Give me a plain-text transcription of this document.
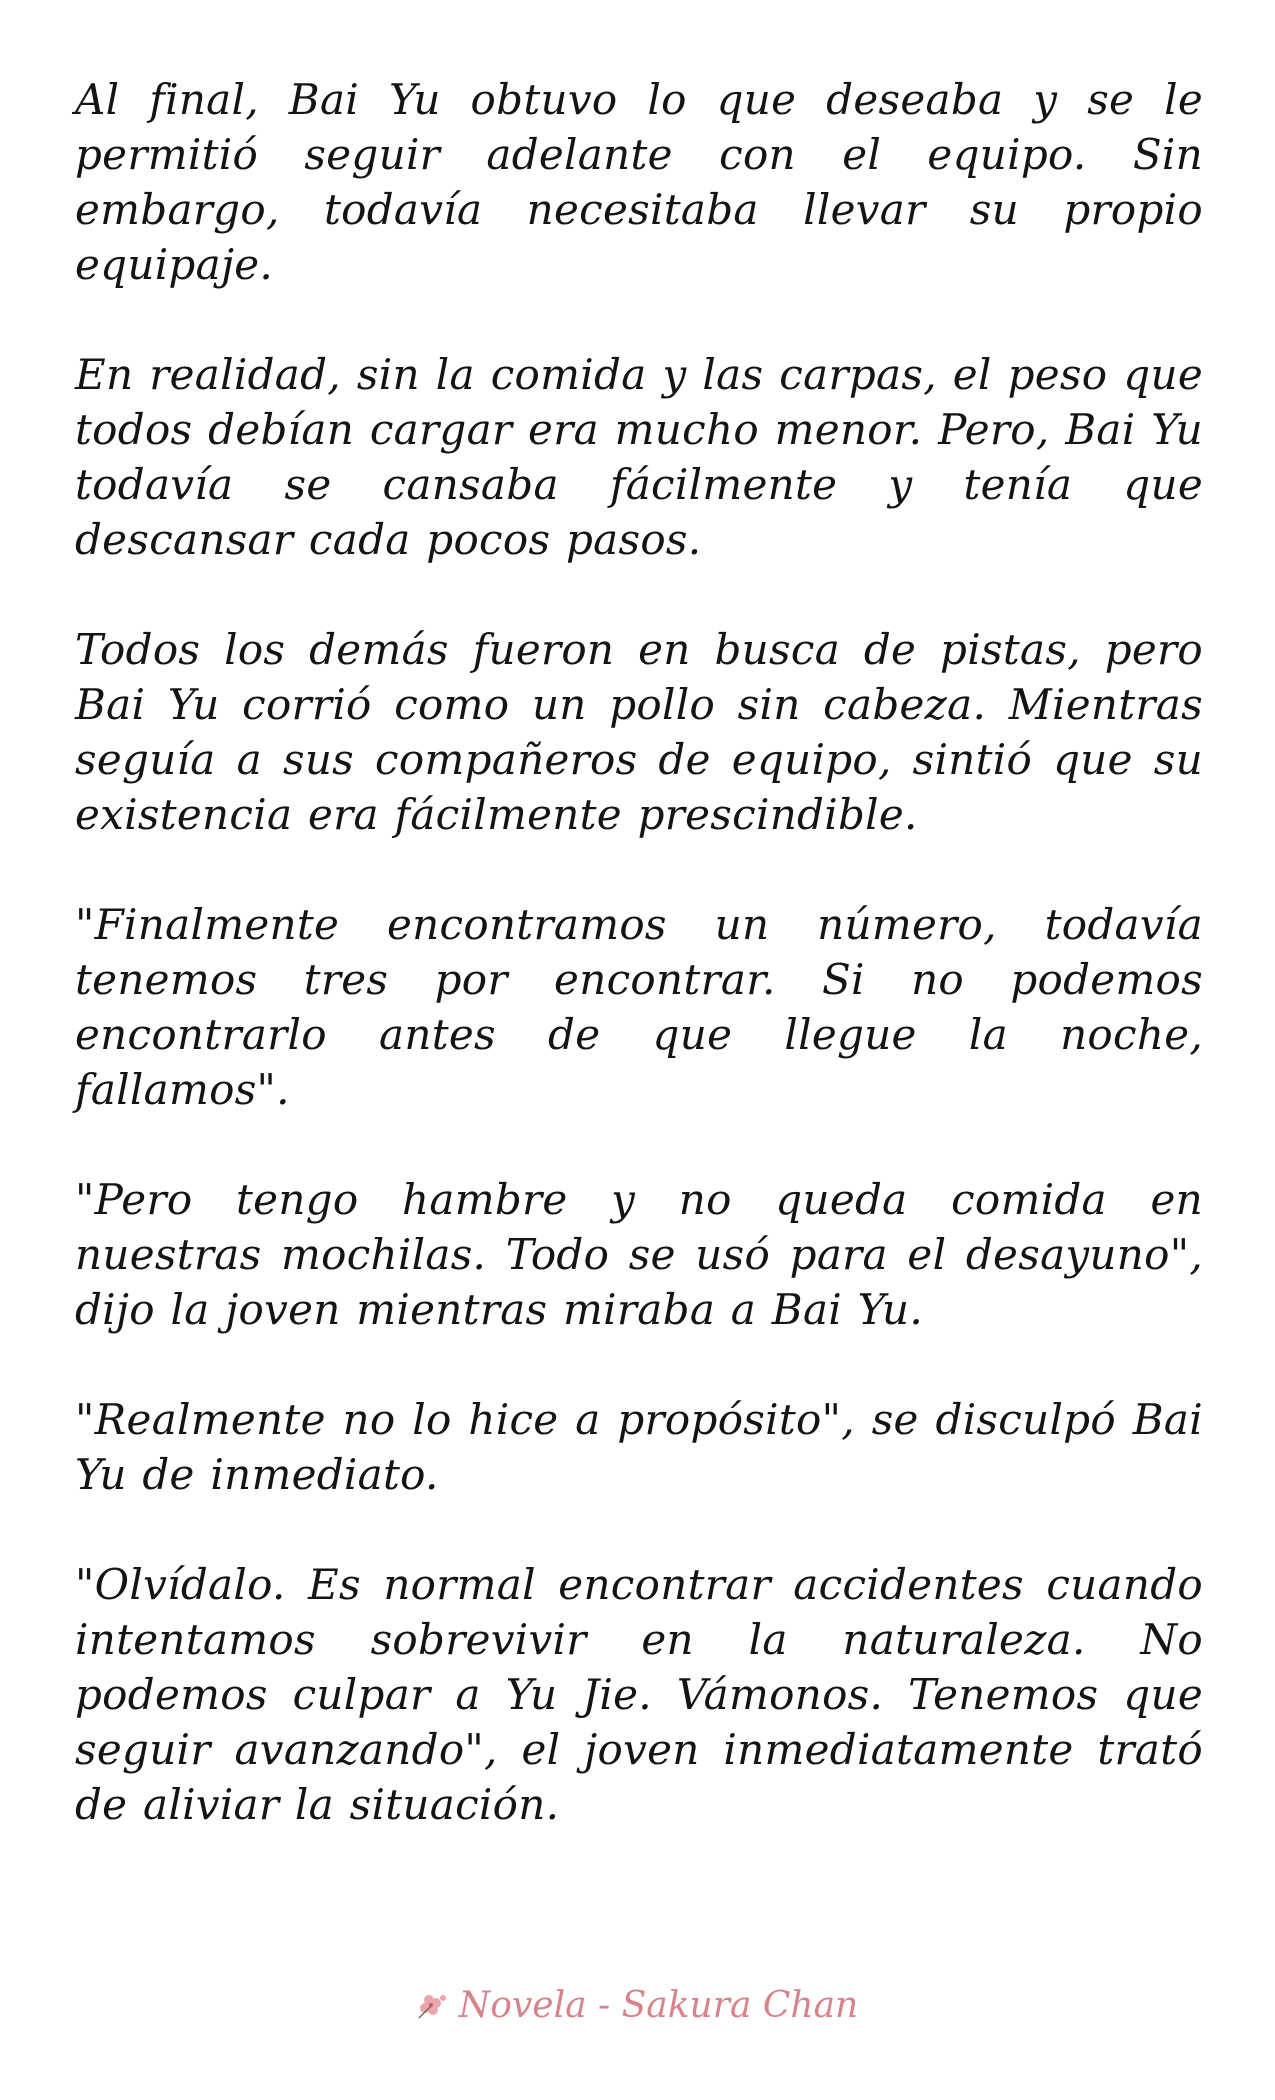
Al final, Bai Yu obtuvo lo que deseaba y se le permitió seguir adelante con el equipo. Sin embargo, todavía necesitaba llevar su propio equipaje.

En realidad, sin la comida y las carpas, el peso que todos debían cargar era mucho menor. Pero, Bai Yu todavía se cansaba fácilmente y tenía que descansar cada pocos pasos.

Todos los demás fueron en busca de pistas, pero Bai Yu corrió como un pollo sin cabeza. Mientras seguía a sus compañeros de equipo, sintió que su existencia era fácilmente prescindible.

"Finalmente encontramos un número, todavía tenemos tres por encontrar. Si no podemos encontrarlo antes de que llegue la noche, fallamos".

"Pero tengo hambre y no queda comida en nuestras mochilas. Todo se usó para el desayuno", dijo la joven mientras miraba a Bai Yu.

"Realmente no lo hice a propósito", se disculpó Bai Yu de inmediato.

"Olvídalo. Es normal encontrar accidentes cuando intentamos sobrevivir en la naturaleza. No podemos culpar a Yu Jie. Vámonos. Tenemos que seguir avanzando", el joven inmediatamente trató de aliviar la situación.

Novela - Sakura Chan
